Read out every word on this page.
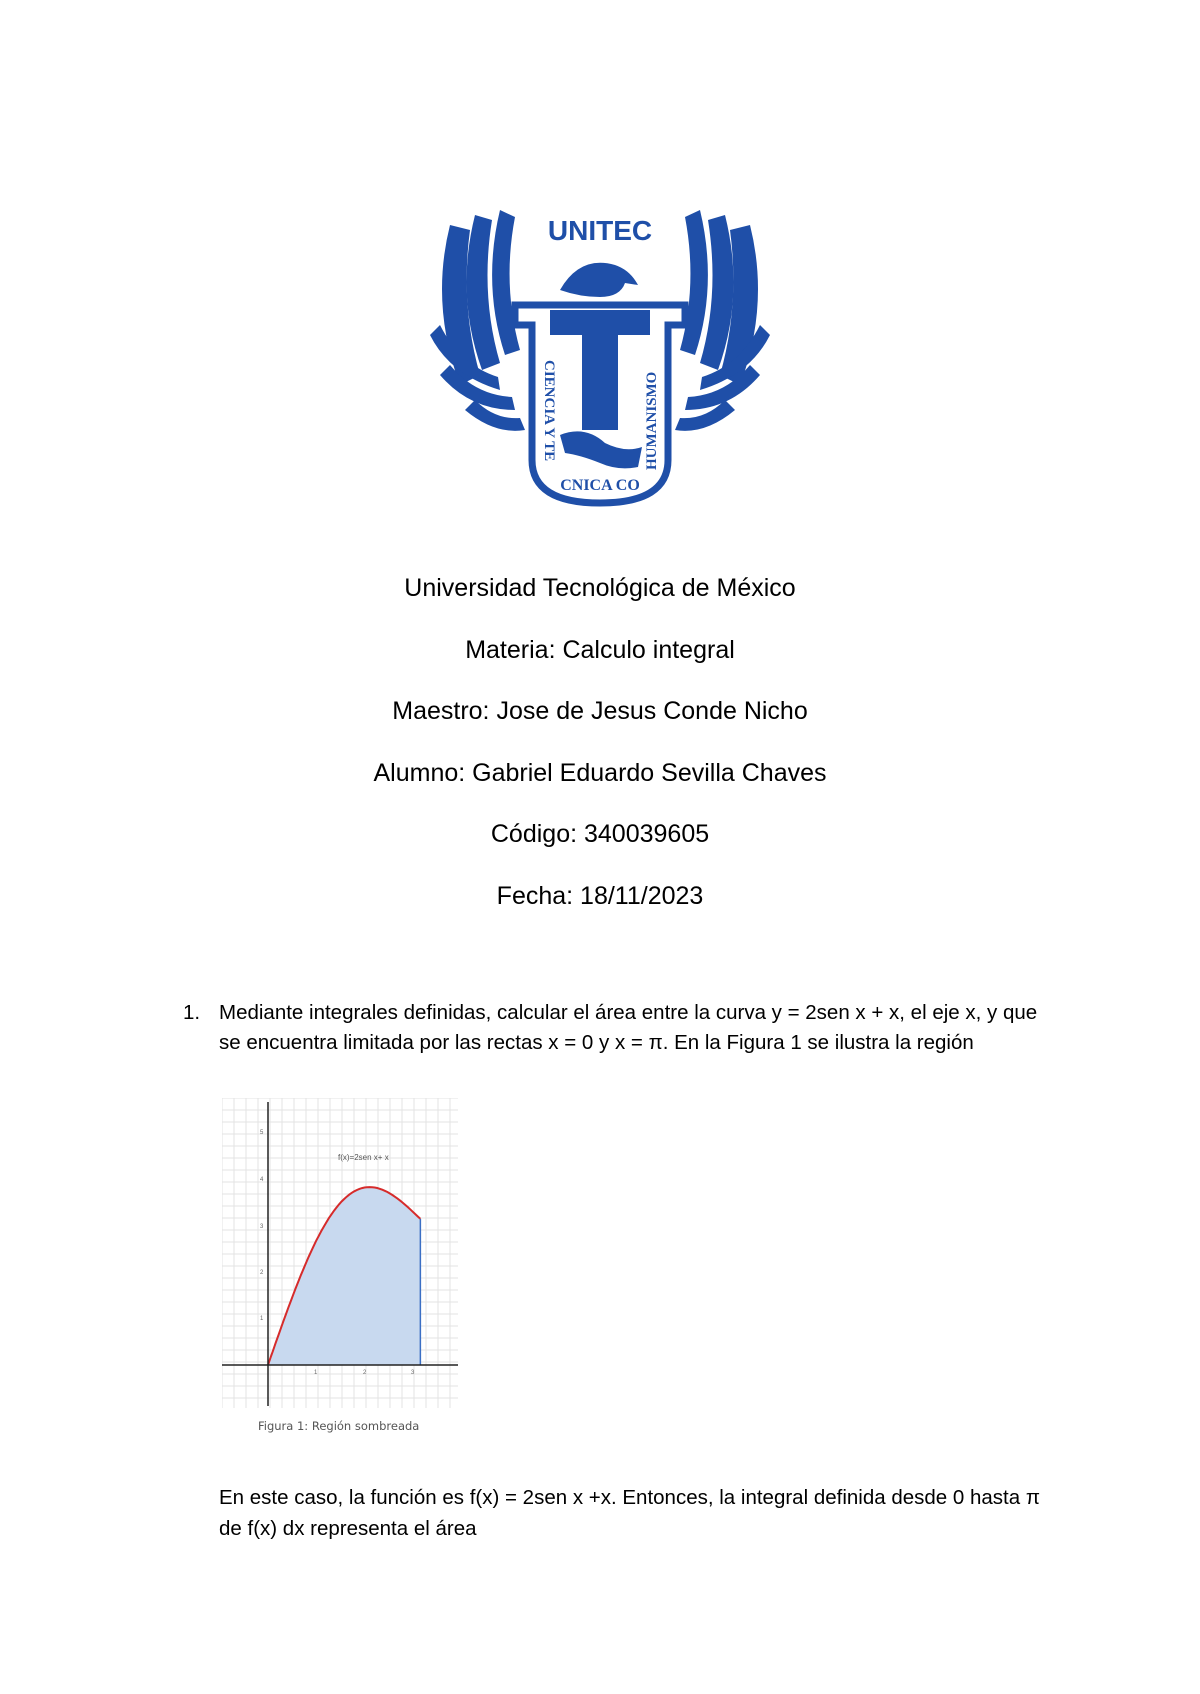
UNITEC
CIENCIA Y TE
CNICA CO
HUMANISMO

Universidad Tecnológica de México

Materia: Calculo integral

Maestro: Jose de Jesus Conde Nicho

Alumno: Gabriel Eduardo Sevilla Chaves

Código: 340039605

Fecha: 18/11/2023

1. Mediante integrales definidas, calcular el área entre la curva y = 2sen x + x, el eje x, y que se encuentra limitada por las rectas x = 0 y x = π. En la Figura 1 se ilustra la región
5
4
3
2
1
1	2	3
f(x)=2sen x+ x
Figura 1: Región sombreada
En este caso, la función es f(x) = 2sen x +x. Entonces, la integral definida desde 0 hasta π de f(x) dx representa el área
